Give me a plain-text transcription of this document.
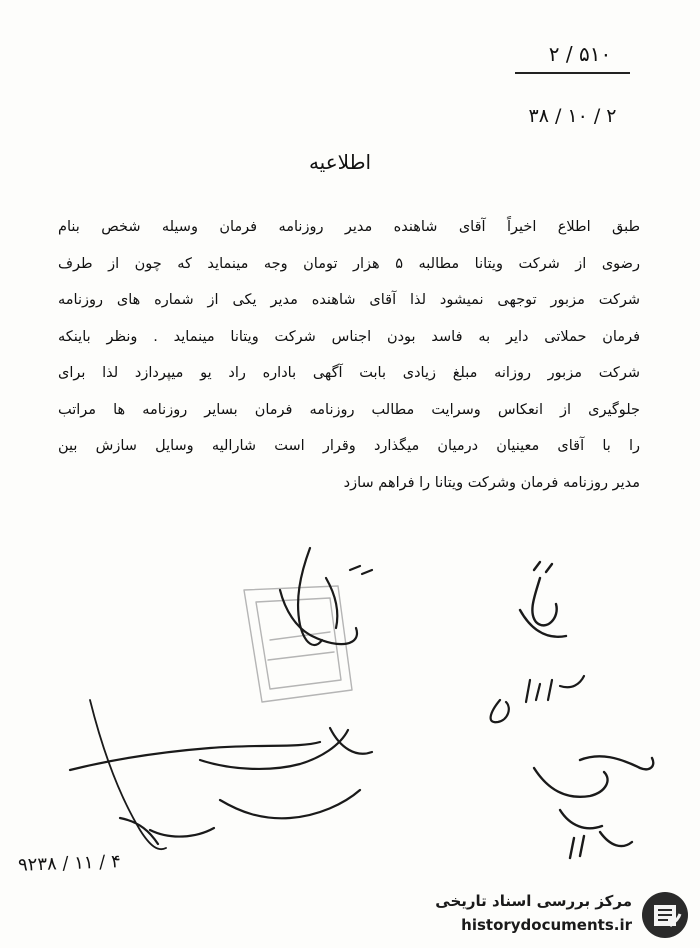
۲ / ۵۱۰
۳۸ / ۱۰ / ۲
اطلاعیه
طبق اطلاع اخیراً آقای شاهنده مدیر روزنامه فرمان وسیله شخص بنام
رضوی از شرکت ویتانا مطالبه ۵ هزار تومان وجه مینماید که چون از طرف
شرکت مزبور توجهی نمیشود لذا آقای شاهنده مدیر یکی از شماره های روزنامه
فرمان حملاتی دایر به فاسد بودن اجناس شرکت ویتانا مینماید . ونظر باینکه
شرکت مزبور روزانه مبلغ زیادی بابت آگهی باداره راد یو میپردازد لذا برای
جلوگیری از انعکاس وسرایت مطالب روزنامه فرمان بسایر روزنامه ها مراتب
را با آقای معینیان درمیان میگذارد وقرار است شارالیه وسایل سازش بین
مدیر روزنامه فرمان وشرکت ویتانا را فراهم سازد
۹۲۳۸ / ۱۱ / ۴
مرکز بررسی اسناد تاریخی
historydocuments.ir
